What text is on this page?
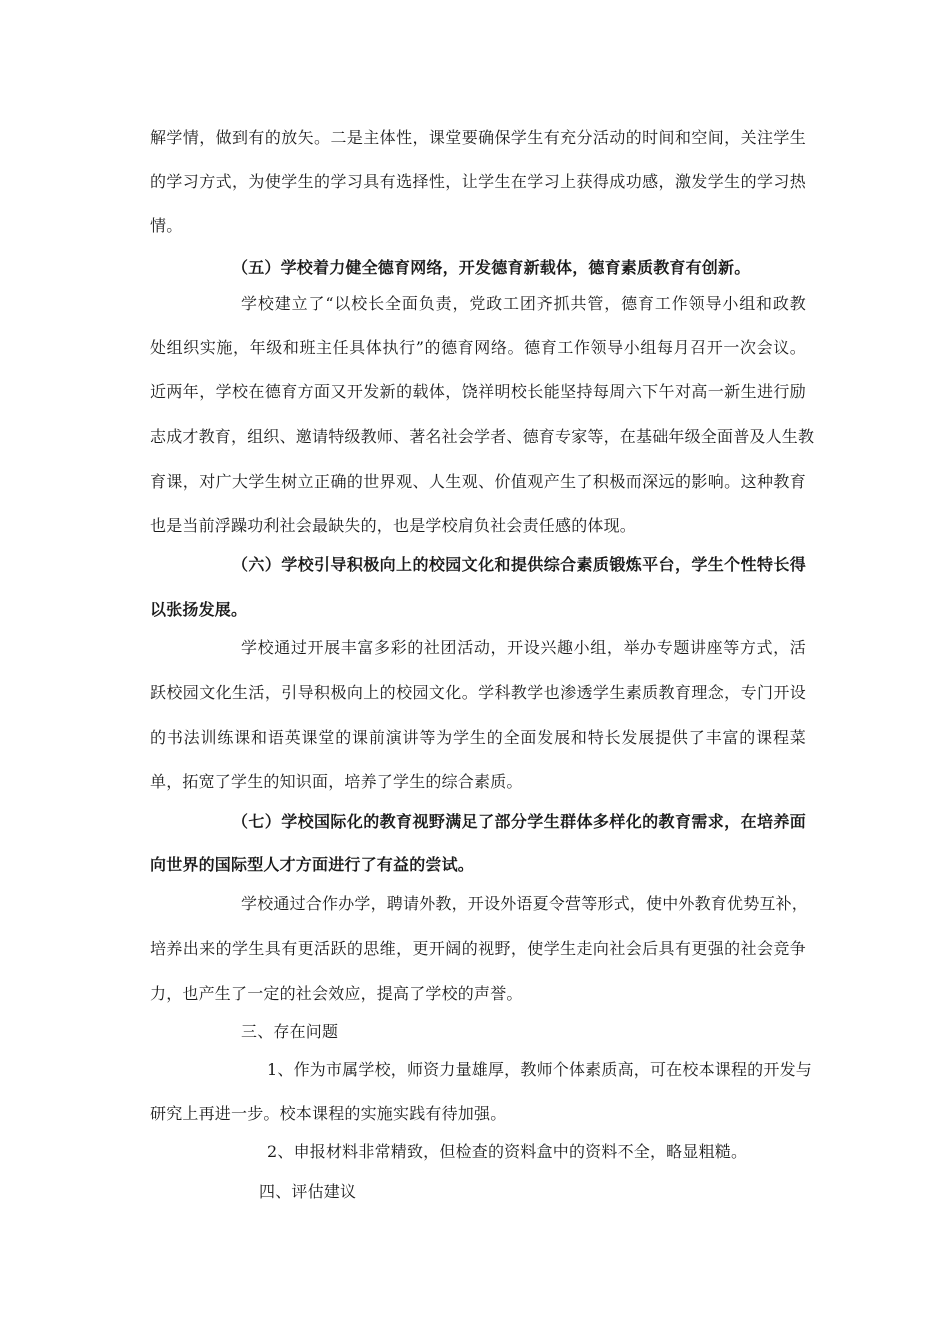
解学情，做到有的放矢。二是主体性，课堂要确保学生有充分活动的时间和空间，关注学生
的学习方式，为使学生的学习具有选择性，让学生在学习上获得成功感，激发学生的学习热
情。
（五）学校着力健全德育网络，开发德育新载体，德育素质教育有创新。
学校建立了“以校长全面负责，党政工团齐抓共管，德育工作领导小组和政教
处组织实施，年级和班主任具体执行”的德育网络。德育工作领导小组每月召开一次会议。
近两年，学校在德育方面又开发新的载体，饶祥明校长能坚持每周六下午对高一新生进行励
志成才教育，组织、邀请特级教师、著名社会学者、德育专家等，在基础年级全面普及人生教
育课，对广大学生树立正确的世界观、人生观、价值观产生了积极而深远的影响。这种教育
也是当前浮躁功利社会最缺失的，也是学校肩负社会责任感的体现。
（六）学校引导积极向上的校园文化和提供综合素质锻炼平台，学生个性特长得
以张扬发展。
学校通过开展丰富多彩的社团活动，开设兴趣小组，举办专题讲座等方式，活
跃校园文化生活，引导积极向上的校园文化。学科教学也渗透学生素质教育理念，专门开设
的书法训练课和语英课堂的课前演讲等为学生的全面发展和特长发展提供了丰富的课程菜
单，拓宽了学生的知识面，培养了学生的综合素质。
（七）学校国际化的教育视野满足了部分学生群体多样化的教育需求，在培养面
向世界的国际型人才方面进行了有益的尝试。
学校通过合作办学，聘请外教，开设外语夏令营等形式，使中外教育优势互补，
培养出来的学生具有更活跃的思维，更开阔的视野，使学生走向社会后具有更强的社会竞争
力，也产生了一定的社会效应，提高了学校的声誉。
三、存在问题
1、作为市属学校，师资力量雄厚，教师个体素质高，可在校本课程的开发与
研究上再进一步。校本课程的实施实践有待加强。
2、申报材料非常精致，但检查的资料盒中的资料不全，略显粗糙。
四、评估建议
